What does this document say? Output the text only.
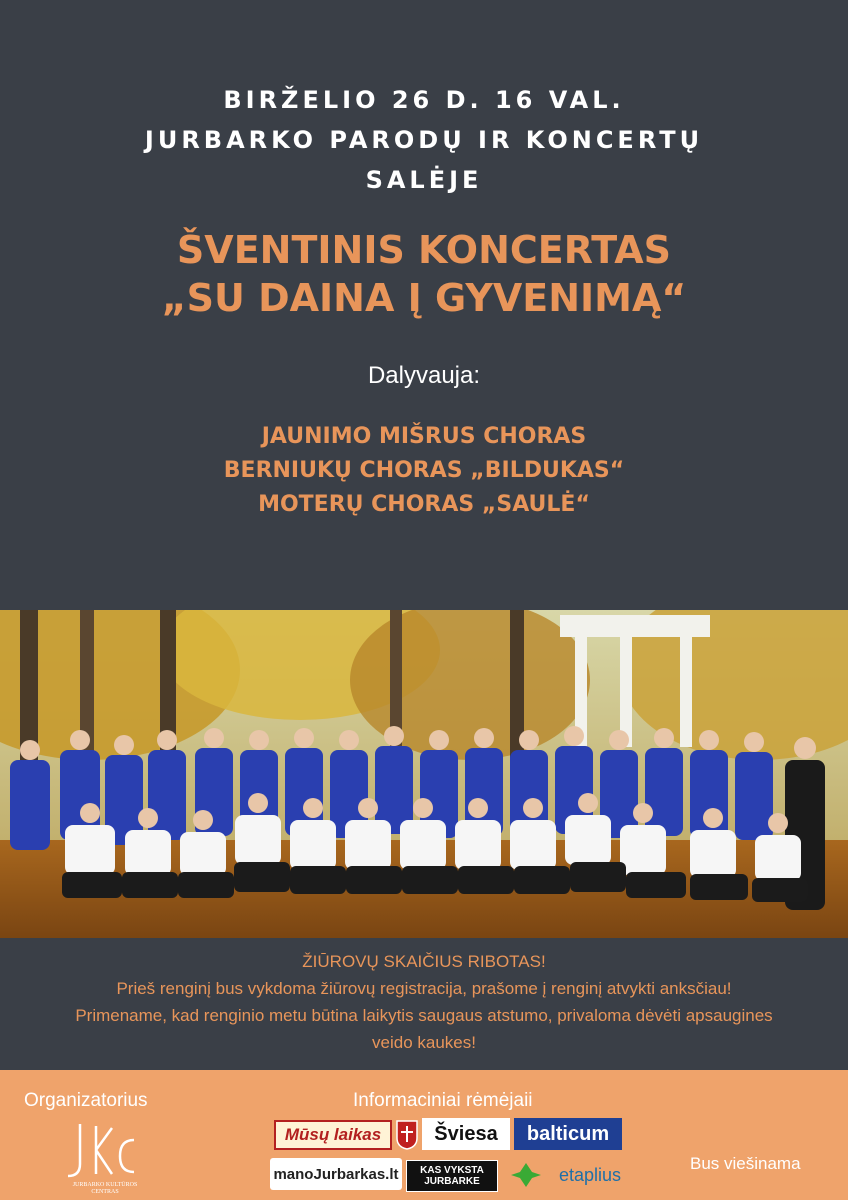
BIRŽELIO 26 D. 16 VAL.
JURBARKO PARODŲ IR KONCERTŲ
SALĖJE
ŠVENTINIS KONCERTAS
„SU DAINA Į GYVENIMĄ“
Dalyvauja:
JAUNIMO MIŠRUS CHORAS
BERNIUKŲ CHORAS „BILDUKAS“
MOTERŲ CHORAS „SAULĖ“
ŽIŪROVŲ SKAIČIUS RIBOTAS!
Prieš renginį bus vykdoma žiūrovų registracija, prašome į renginį atvykti anksčiau!
Primename, kad renginio metu būtina laikytis saugaus atstumo, privaloma dėvėti apsaugines
veido kaukes!
Organizatorius	Informaciniai rėmėjaii
Bus viešinama
JURBARKO KULTŪROS
CENTRAS
Mūsų laikas	Šviesa	balticum
manoJurbarkas.lt	KAS VYKSTA
JURBARKE	etaplius
